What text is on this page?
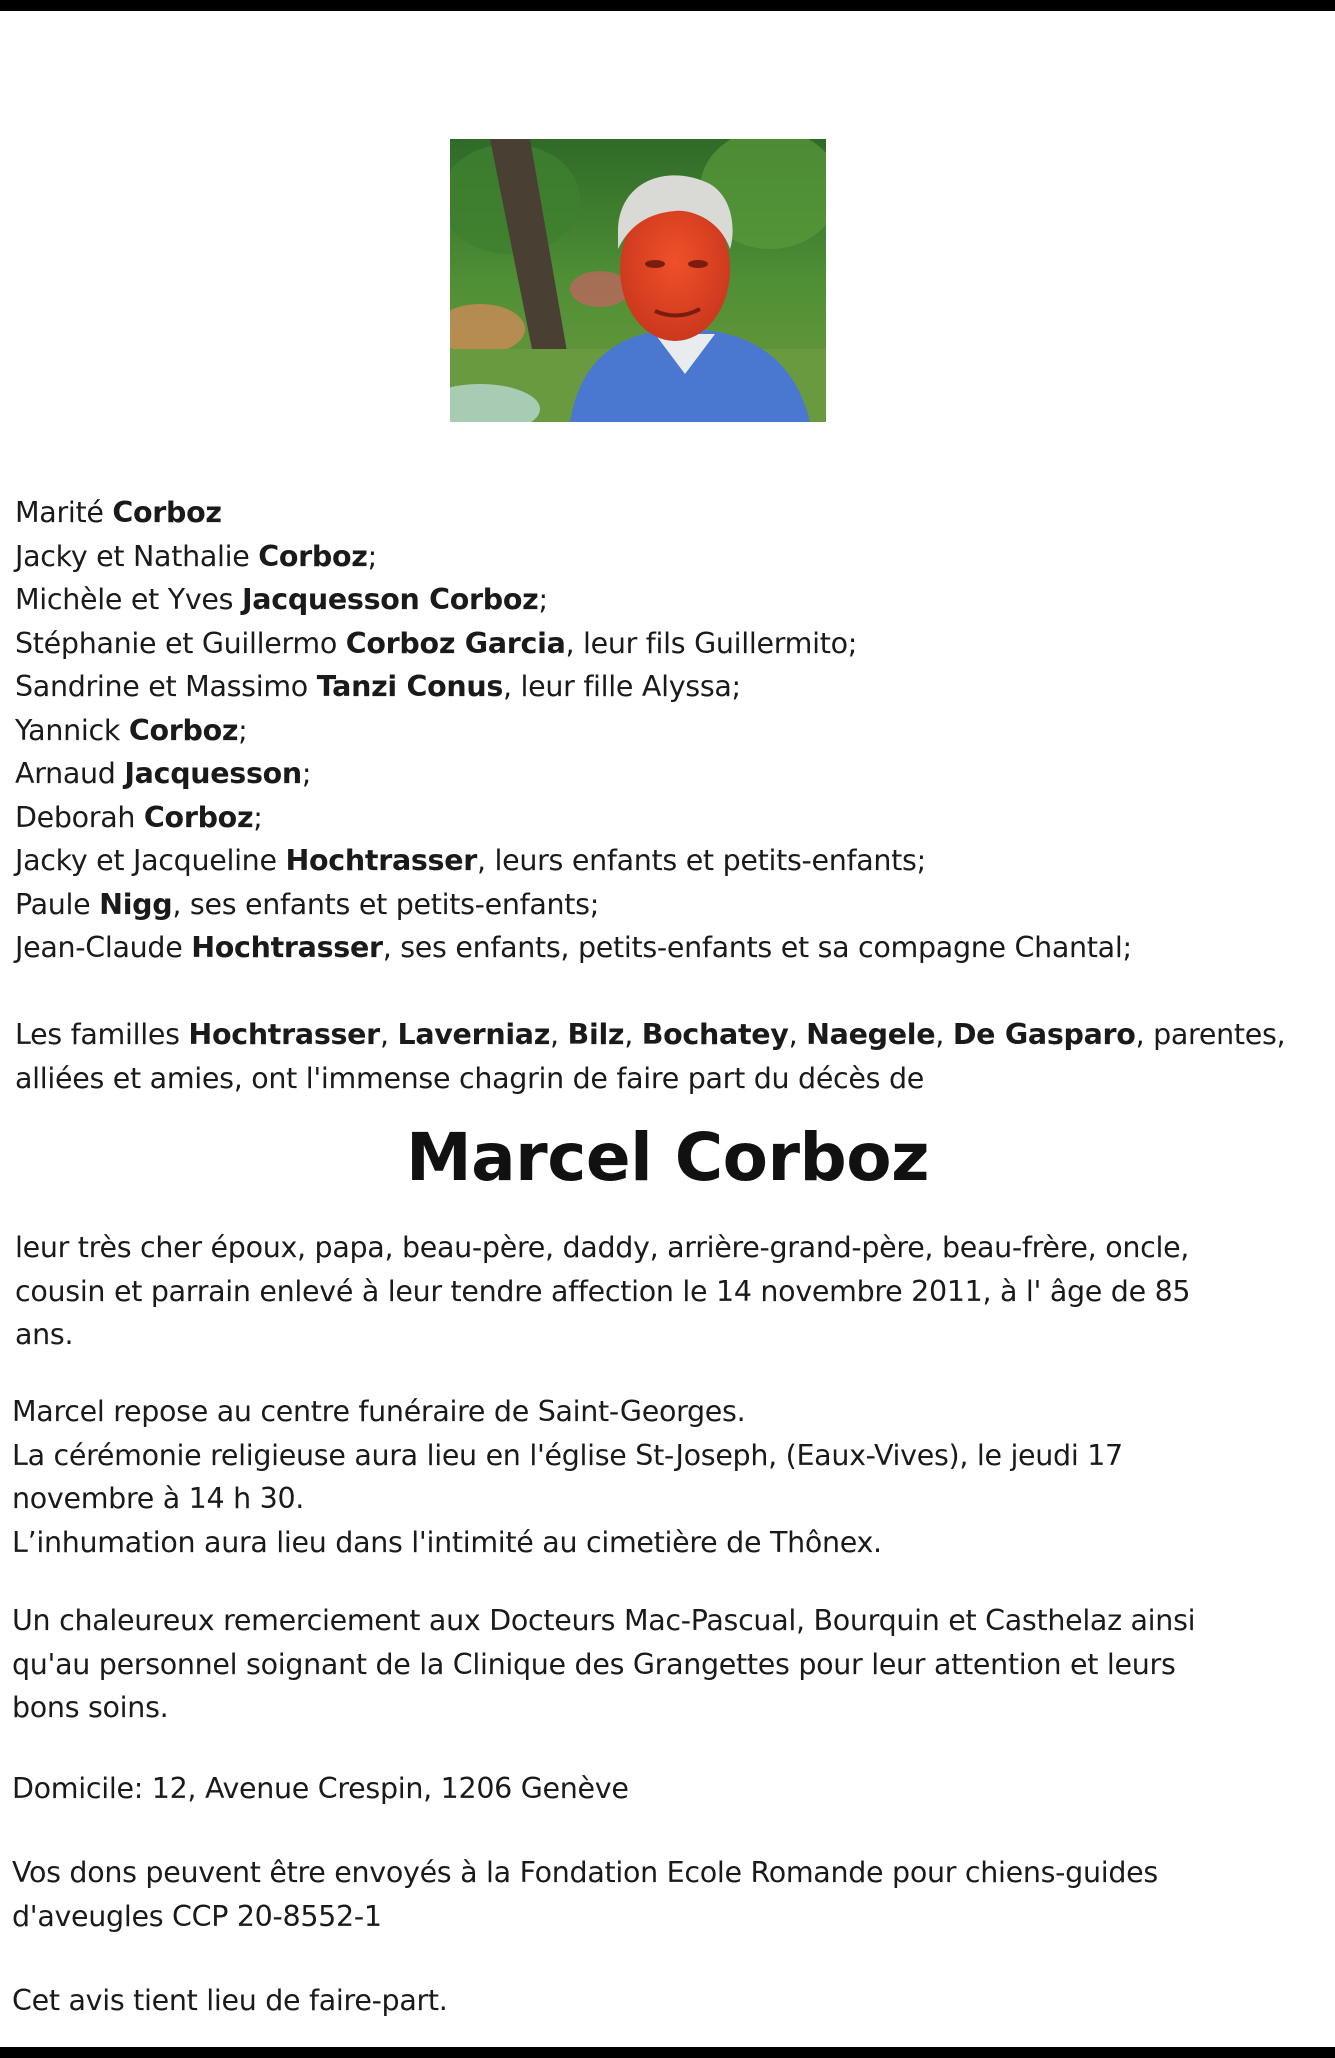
Marité Corboz
Jacky et Nathalie Corboz;
Michèle et Yves Jacquesson Corboz;
Stéphanie et Guillermo Corboz Garcia, leur fils Guillermito;
Sandrine et Massimo Tanzi Conus, leur fille Alyssa;
Yannick Corboz;
Arnaud Jacquesson;
Deborah Corboz;
Jacky et Jacqueline Hochtrasser, leurs enfants et petits-enfants;
Paule Nigg, ses enfants et petits-enfants;
Jean-Claude Hochtrasser, ses enfants, petits-enfants et sa compagne Chantal;
Les familles Hochtrasser, Laverniaz, Bilz, Bochatey, Naegele, De Gasparo, parentes,
alliées et amies, ont l'immense chagrin de faire part du décès de
Marcel Corboz
leur très cher époux, papa, beau-père, daddy, arrière-grand-père, beau-frère, oncle,
cousin et parrain enlevé à leur tendre affection le 14 novembre 2011, à l' âge de 85
ans.
Marcel repose au centre funéraire de Saint-Georges.
La cérémonie religieuse aura lieu en l'église St-Joseph, (Eaux-Vives), le jeudi 17
novembre à 14 h 30.
L’inhumation aura lieu dans l'intimité au cimetière de Thônex.
Un chaleureux remerciement aux Docteurs Mac-Pascual, Bourquin et Casthelaz ainsi
qu'au personnel soignant de la Clinique des Grangettes pour leur attention et leurs
bons soins.
Domicile: 12, Avenue Crespin, 1206 Genève
Vos dons peuvent être envoyés à la Fondation Ecole Romande pour chiens-guides
d'aveugles CCP 20-8552-1
Cet avis tient lieu de faire-part.
